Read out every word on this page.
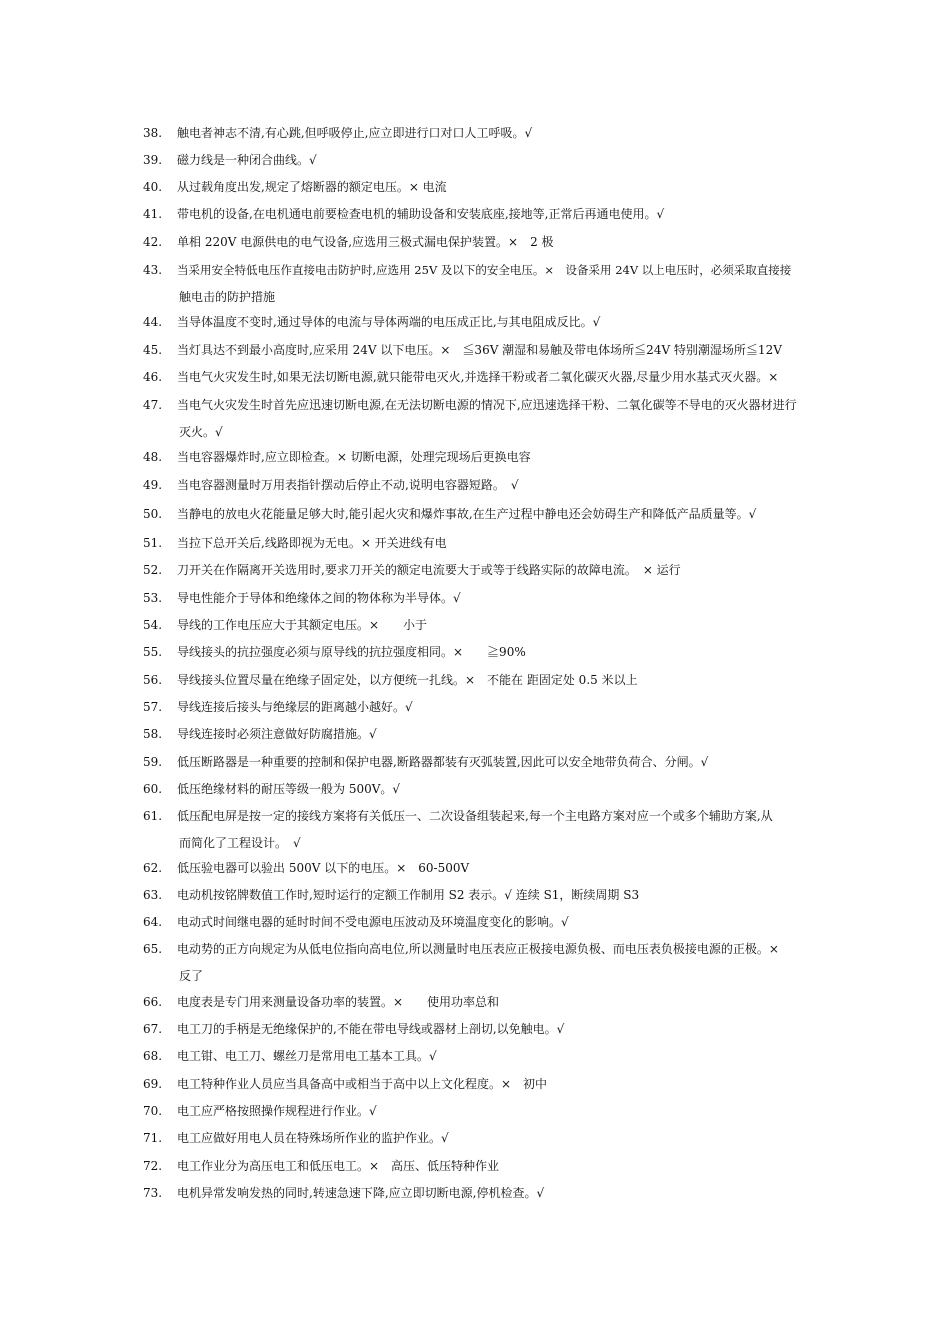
38. 触电者神志不清,有心跳,但呼吸停止,应立即进行口对口人工呼吸。√
39. 磁力线是一种闭合曲线。√
40. 从过载角度出发,规定了熔断器的额定电压。× 电流
41. 带电机的设备,在电机通电前要检查电机的辅助设备和安装底座,接地等,正常后再通电使用。√
42. 单相 220V 电源供电的电气设备,应选用三极式漏电保护装置。×　2 极
43. 当采用安全特低电压作直接电击防护时,应选用 25V 及以下的安全电压。×　设备采用 24V 以上电压时，必须采取直接接
触电击的防护措施
44. 当导体温度不变时,通过导体的电流与导体两端的电压成正比,与其电阻成反比。√
45. 当灯具达不到最小高度时,应采用 24V 以下电压。×　≦36V 潮湿和易触及带电体场所≦24V 特别潮湿场所≦12V
46. 当电气火灾发生时,如果无法切断电源,就只能带电灭火,并选择干粉或者二氧化碳灭火器,尽量少用水基式灭火器。×
47. 当电气火灾发生时首先应迅速切断电源,在无法切断电源的情况下,应迅速选择干粉、二氧化碳等不导电的灭火器材进行
灭火。√
48. 当电容器爆炸时,应立即检查。× 切断电源，处理完现场后更换电容
49. 当电容器测量时万用表指针摆动后停止不动,说明电容器短路。　√
50. 当静电的放电火花能量足够大时,能引起火灾和爆炸事故,在生产过程中静电还会妨碍生产和降低产品质量等。√
51. 当拉下总开关后,线路即视为无电。× 开关进线有电
52. 刀开关在作隔离开关选用时,要求刀开关的额定电流要大于或等于线路实际的故障电流。　× 运行
53. 导电性能介于导体和绝缘体之间的物体称为半导体。√
54. 导线的工作电压应大于其额定电压。×　　小于
55. 导线接头的抗拉强度必须与原导线的抗拉强度相同。×　　≧90%
56. 导线接头位置尽量在绝缘子固定处，以方便统一扎线。×　不能在 距固定处 0.5 米以上
57. 导线连接后接头与绝缘层的距离越小越好。√
58. 导线连接时必须注意做好防腐措施。√
59. 低压断路器是一种重要的控制和保护电器,断路器都装有灭弧装置,因此可以安全地带负荷合、分闸。√
60. 低压绝缘材料的耐压等级一般为 500V。√
61. 低压配电屏是按一定的接线方案将有关低压一、二次设备组装起来,每一个主电路方案对应一个或多个辅助方案,从
而简化了工程设计。　√
62. 低压验电器可以验出 500V 以下的电压。×　60-500V
63. 电动机按铭牌数值工作时,短时运行的定额工作制用 S2 表示。√ 连续 S1，断续周期 S3
64. 电动式时间继电器的延时时间不受电源电压波动及环境温度变化的影响。√
65. 电动势的正方向规定为从低电位指向高电位,所以测量时电压表应正极接电源负极、而电压表负极接电源的正极。×
反了
66. 电度表是专门用来测量设备功率的装置。×　　使用功率总和
67. 电工刀的手柄是无绝缘保护的,不能在带电导线或器材上剖切,以免触电。√
68. 电工钳、电工刀、螺丝刀是常用电工基本工具。√
69. 电工特种作业人员应当具备高中或相当于高中以上文化程度。×　初中
70. 电工应严格按照操作规程进行作业。√
71. 电工应做好用电人员在特殊场所作业的监护作业。√
72. 电工作业分为高压电工和低压电工。×　高压、低压特种作业
73. 电机异常发响发热的同时,转速急速下降,应立即切断电源,停机检查。√
